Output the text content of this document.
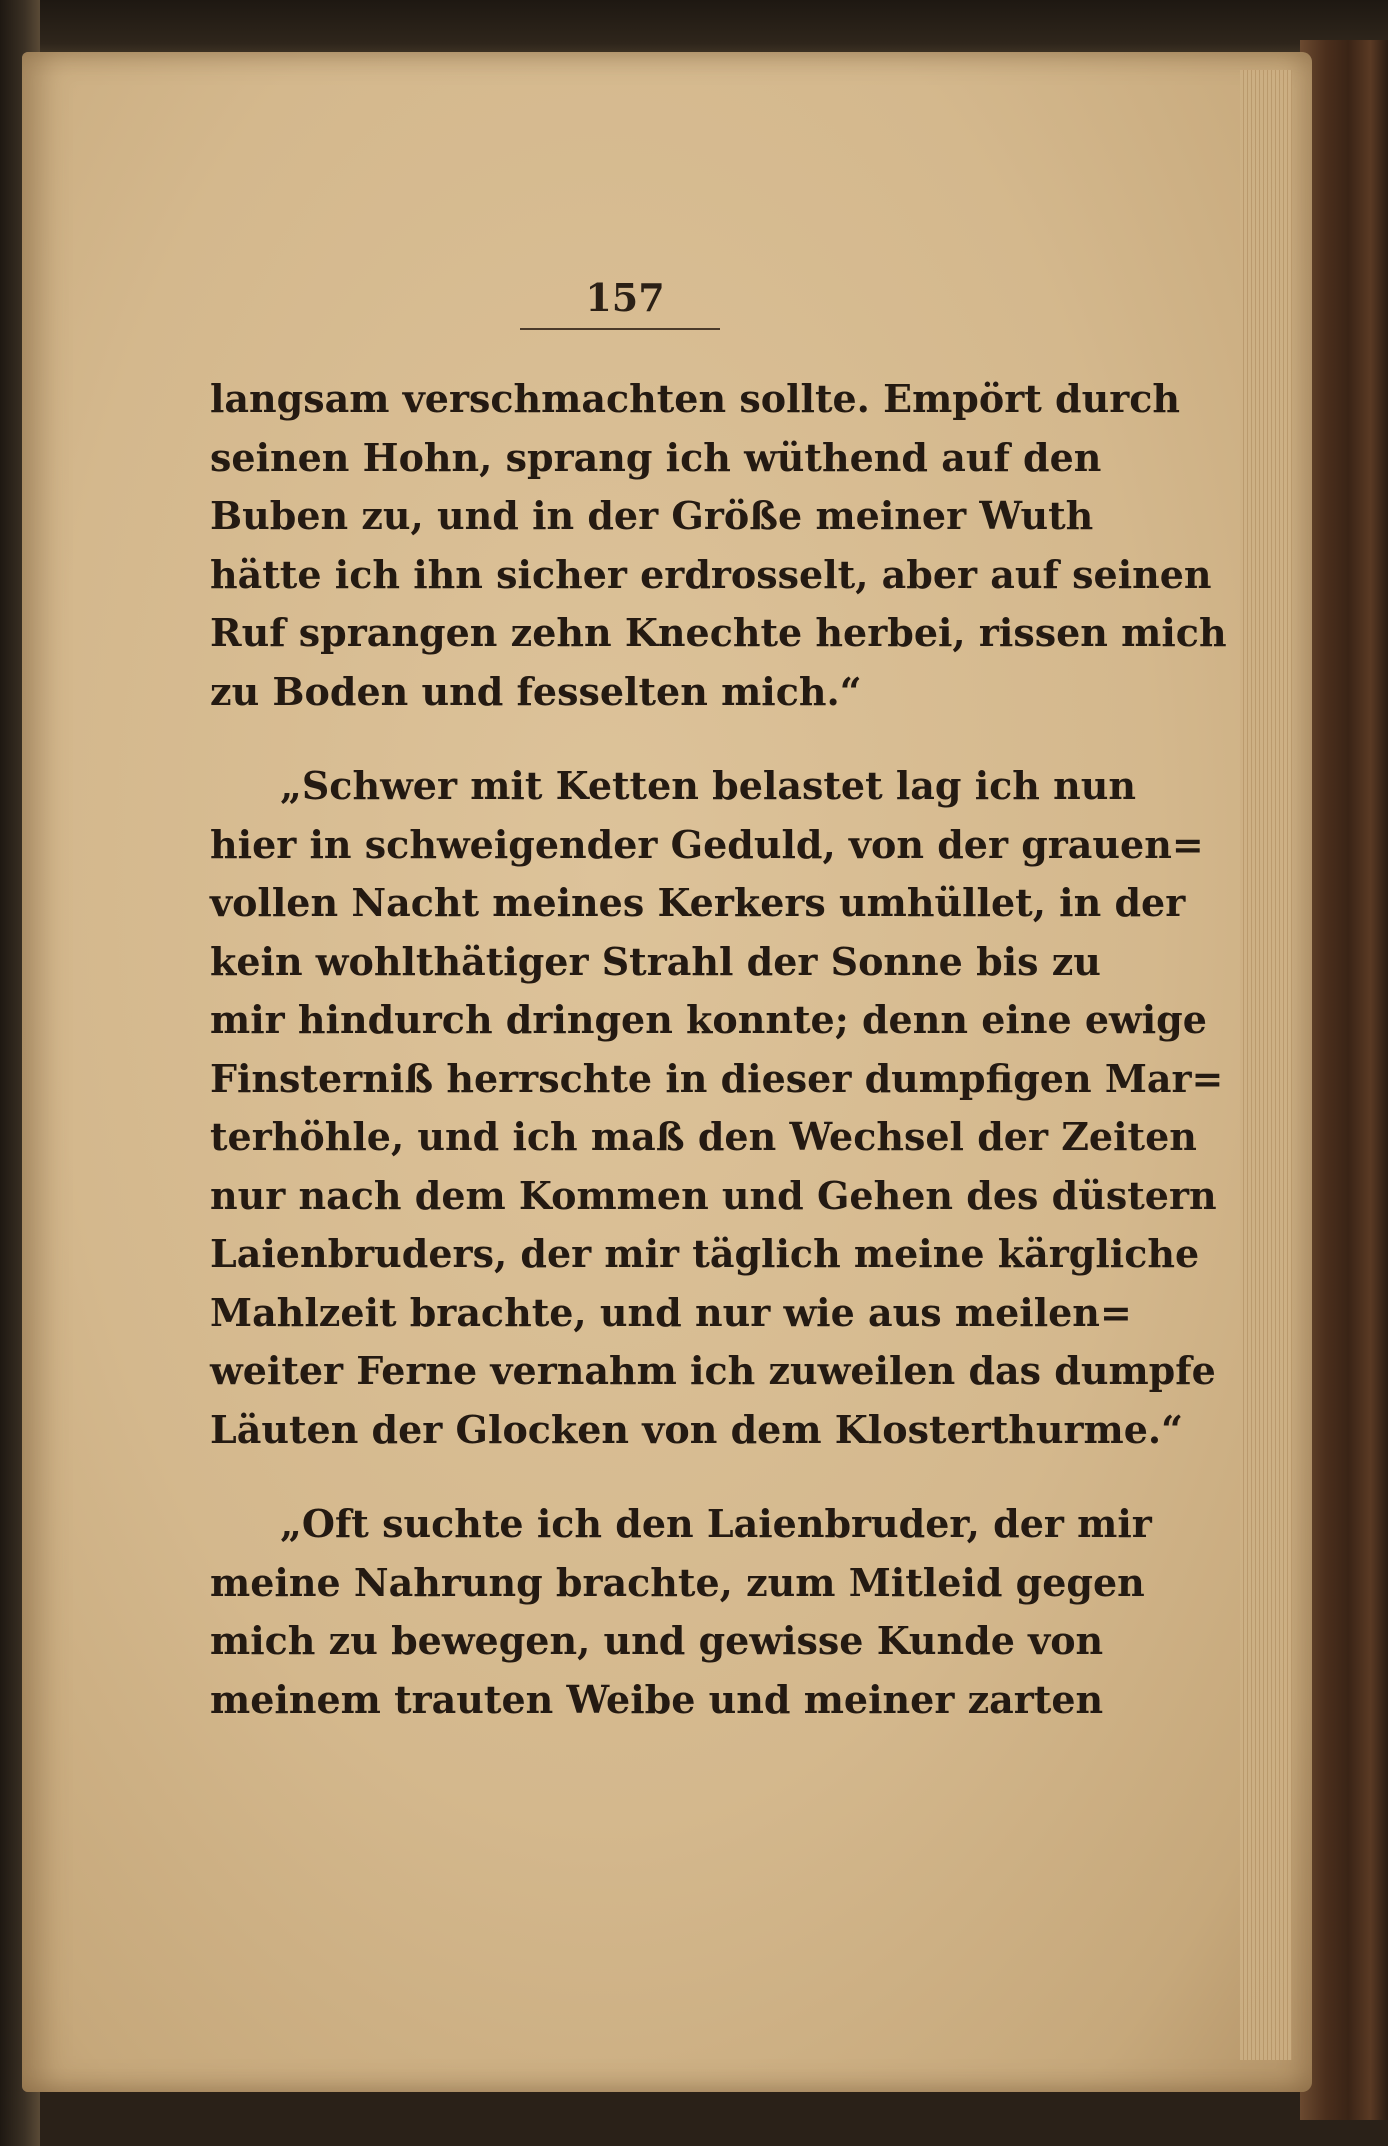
157
langsam verschmachten sollte. Empört durch
seinen Hohn, sprang ich wüthend auf den
Buben zu, und in der Größe meiner Wuth
hätte ich ihn sicher erdrosselt, aber auf seinen
Ruf sprangen zehn Knechte herbei, rissen mich
zu Boden und fesselten mich.“
„Schwer mit Ketten belastet lag ich nun
hier in schweigender Geduld, von der grauen=
vollen Nacht meines Kerkers umhüllet, in der
kein wohlthätiger Strahl der Sonne bis zu
mir hindurch dringen konnte; denn eine ewige
Finsterniß herrschte in dieser dumpfigen Mar=
terhöhle, und ich maß den Wechsel der Zeiten
nur nach dem Kommen und Gehen des düstern
Laienbruders, der mir täglich meine kärgliche
Mahlzeit brachte, und nur wie aus meilen=
weiter Ferne vernahm ich zuweilen das dumpfe
Läuten der Glocken von dem Klosterthurme.“
„Oft suchte ich den Laienbruder, der mir
meine Nahrung brachte, zum Mitleid gegen
mich zu bewegen, und gewisse Kunde von
meinem trauten Weibe und meiner zarten
